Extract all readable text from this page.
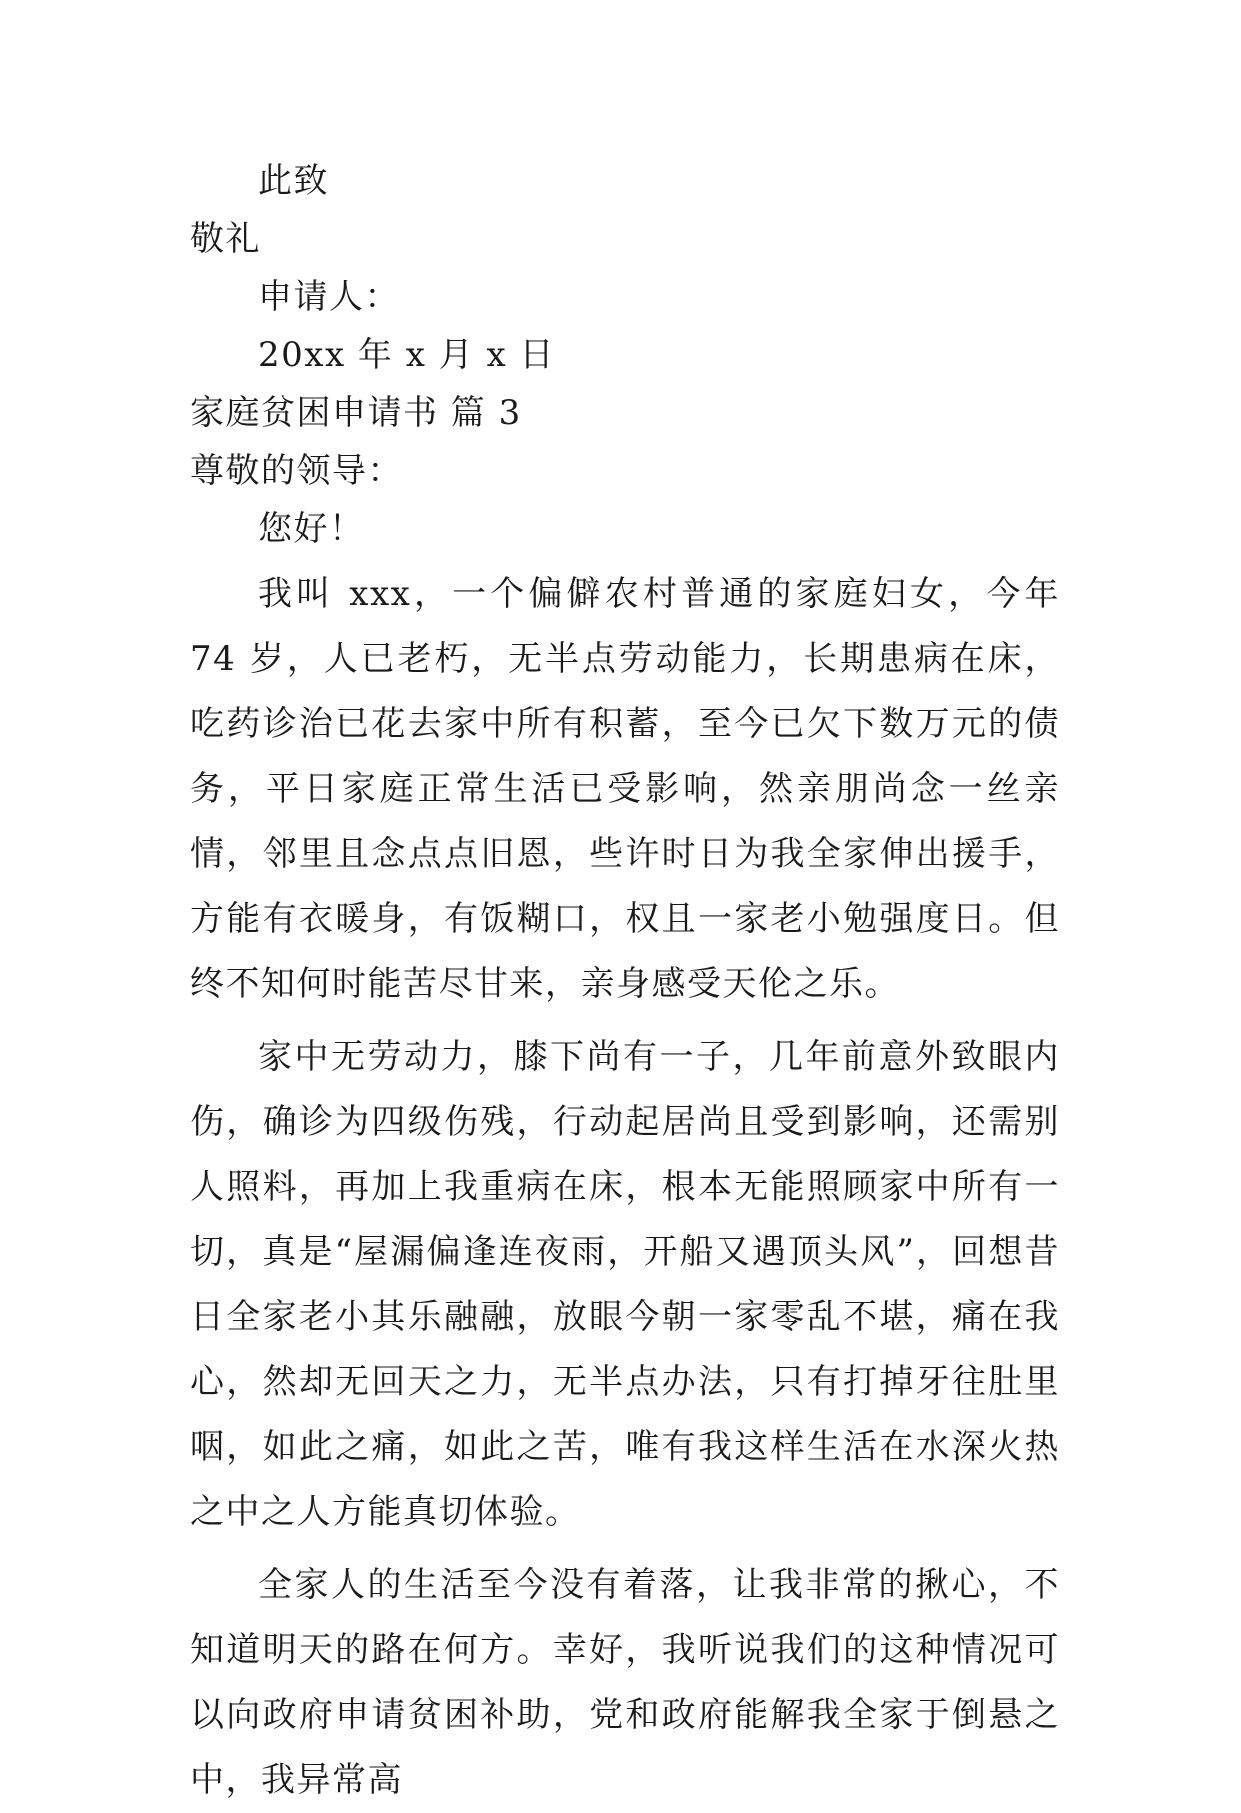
此致
敬礼
申请人：
20xx 年 x 月 x 日
家庭贫困申请书 篇 3
尊敬的领导：
您好！
我叫 xxx，一个偏僻农村普通的家庭妇女，今年 74 岁，人已老朽，无半点劳动能力，长期患病在床，吃药诊治已花去家中所有积蓄，至今已欠下数万元的债务，平日家庭正常生活已受影响，然亲朋尚念一丝亲情，邻里且念点点旧恩，些许时日为我全家伸出援手，方能有衣暖身，有饭糊口，权且一家老小勉强度日。但终不知何时能苦尽甘来，亲身感受天伦之乐。
家中无劳动力，膝下尚有一子，几年前意外致眼内伤，确诊为四级伤残，行动起居尚且受到影响，还需别人照料，再加上我重病在床，根本无能照顾家中所有一切，真是“屋漏偏逢连夜雨，开船又遇顶头风”，回想昔日全家老小其乐融融，放眼今朝一家零乱不堪，痛在我心，然却无回天之力，无半点办法，只有打掉牙往肚里咽，如此之痛，如此之苦，唯有我这样生活在水深火热之中之人方能真切体验。
全家人的生活至今没有着落，让我非常的揪心，不知道明天的路在何方。幸好，我听说我们的这种情况可以向政府申请贫困补助，党和政府能解我全家于倒悬之中，我异常高
